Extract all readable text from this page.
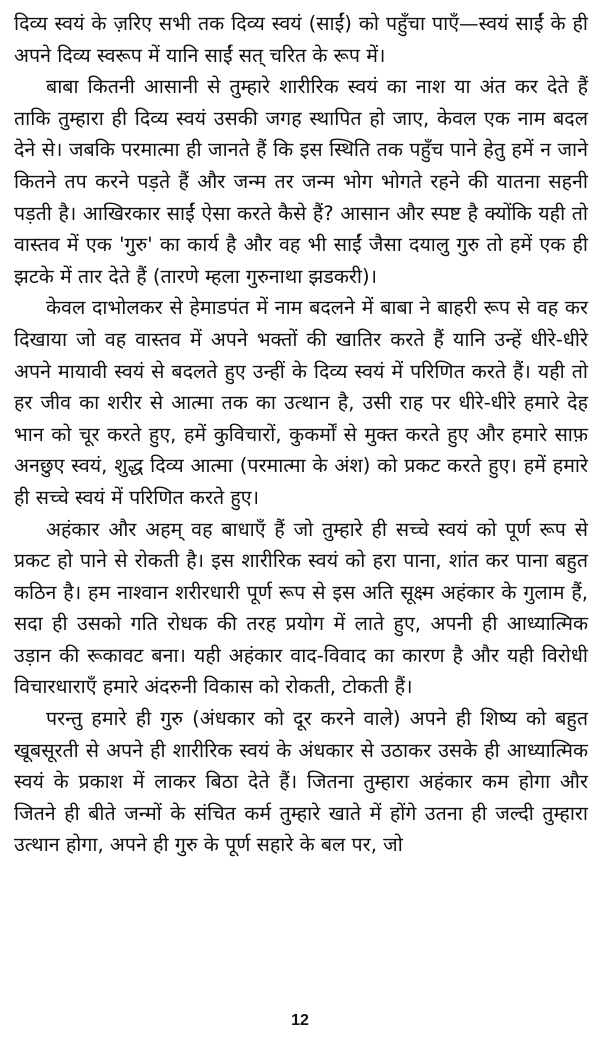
दिव्य स्वयं के ज़रिए सभी तक दिव्य स्वयं (साईं) को पहुँचा पाएँ—स्वयं साईं के ही अपने दिव्य स्वरूप में यानि साईं सत् चरित के रूप में।

बाबा कितनी आसानी से तुम्हारे शारीरिक स्वयं का नाश या अंत कर देते हैं ताकि तुम्हारा ही दिव्य स्वयं उसकी जगह स्थापित हो जाए, केवल एक नाम बदल देने से। जबकि परमात्मा ही जानते हैं कि इस स्थिति तक पहुँच पाने हेतु हमें न जाने कितने तप करने पड़ते हैं और जन्म तर जन्म भोग भोगते रहने की यातना सहनी पड़ती है। आखिरकार साईं ऐसा करते कैसे हैं? आसान और स्पष्ट है क्योंकि यही तो वास्तव में एक 'गुरु' का कार्य है और वह भी साईं जैसा दयालु गुरु तो हमें एक ही झटके में तार देते हैं (तारणे म्हला गुरुनाथा झडकरी)।

केवल दाभोलकर से हेमाडपंत में नाम बदलने में बाबा ने बाहरी रूप से वह कर दिखाया जो वह वास्तव में अपने भक्तों की खातिर करते हैं यानि उन्हें धीरे-धीरे अपने मायावी स्वयं से बदलते हुए उन्हीं के दिव्य स्वयं में परिणित करते हैं। यही तो हर जीव का शरीर से आत्मा तक का उत्थान है, उसी राह पर धीरे-धीरे हमारे देह भान को चूर करते हुए, हमें कुविचारों, कुकर्मों से मुक्त करते हुए और हमारे साफ़ अनछुए स्वयं, शुद्ध दिव्य आत्मा (परमात्मा के अंश) को प्रकट करते हुए। हमें हमारे ही सच्चे स्वयं में परिणित करते हुए।

अहंकार और अहम् वह बाधाएँ हैं जो तुम्हारे ही सच्चे स्वयं को पूर्ण रूप से प्रकट हो पाने से रोकती है। इस शारीरिक स्वयं को हरा पाना, शांत कर पाना बहुत कठिन है। हम नाश्वान शरीरधारी पूर्ण रूप से इस अति सूक्ष्म अहंकार के गुलाम हैं, सदा ही उसको गति रोधक की तरह प्रयोग में लाते हुए, अपनी ही आध्यात्मिक उड़ान की रूकावट बना। यही अहंकार वाद-विवाद का कारण है और यही विरोधी विचारधाराएँ हमारे अंदरुनी विकास को रोकती, टोकती हैं।

परन्तु हमारे ही गुरु (अंधकार को दूर करने वाले) अपने ही शिष्य को बहुत खूबसूरती से अपने ही शारीरिक स्वयं के अंधकार से उठाकर उसके ही आध्यात्मिक स्वयं के प्रकाश में लाकर बिठा देते हैं। जितना तुम्हारा अहंकार कम होगा और जितने ही बीते जन्मों के संचित कर्म तुम्हारे खाते में होंगे उतना ही जल्दी तुम्हारा उत्थान होगा, अपने ही गुरु के पूर्ण सहारे के बल पर, जो

12
